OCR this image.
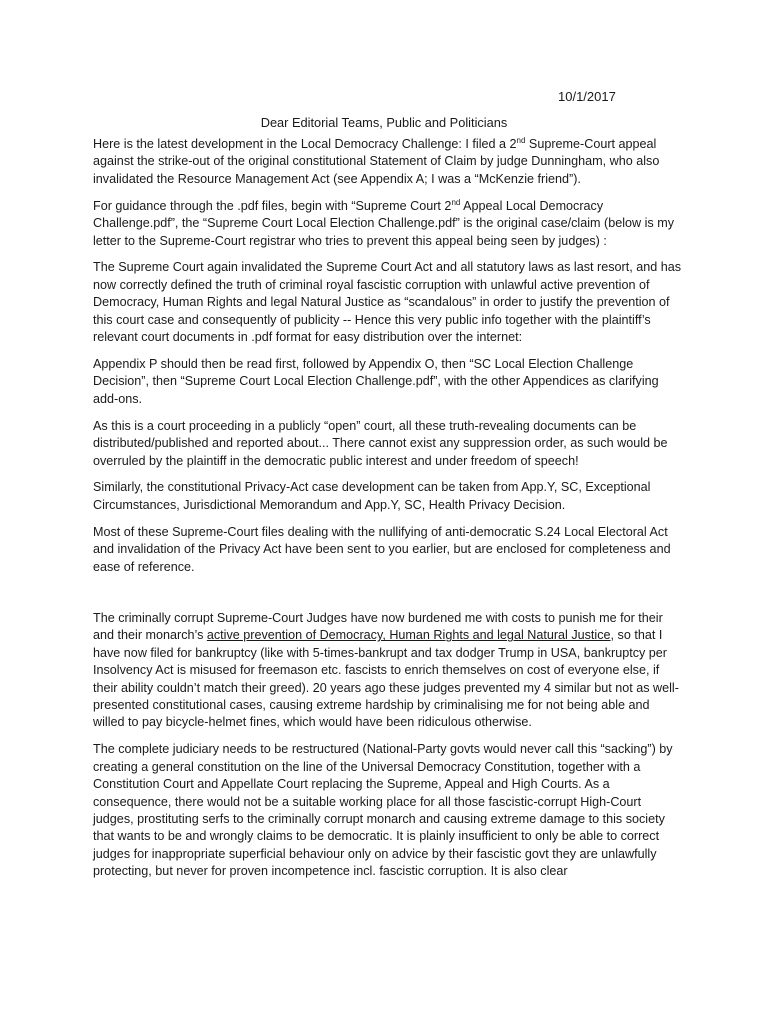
10/1/2017
Dear Editorial Teams, Public and Politicians

Here is the latest development in the Local Democracy Challenge: I filed a 2nd Supreme-Court appeal against the strike-out of the original constitutional Statement of Claim by judge Dunningham, who also invalidated the Resource Management Act (see Appendix A; I was a “McKenzie friend”).

For guidance through the .pdf files, begin with “Supreme Court 2nd Appeal Local Democracy Challenge.pdf”, the “Supreme Court Local Election Challenge.pdf” is the original case/claim (below is my letter to the Supreme-Court registrar who tries to prevent this appeal being seen by judges) :

The Supreme Court again invalidated the Supreme Court Act and all statutory laws as last resort, and has now correctly defined the truth of criminal royal fascistic corruption with unlawful active prevention of Democracy, Human Rights and legal Natural Justice as “scandalous” in order to justify the prevention of this court case and consequently of publicity -- Hence this very public info together with the plaintiff’s relevant court documents in .pdf format for easy distribution over the internet:

Appendix P should then be read first, followed by Appendix O, then “SC Local Election Challenge Decision”, then “Supreme Court Local Election Challenge.pdf”, with the other Appendices as clarifying add-ons.

As this is a court proceeding in a publicly “open” court, all these truth-revealing documents can be distributed/published and reported about... There cannot exist any suppression order, as such would be overruled by the plaintiff in the democratic public interest and under freedom of speech!

Similarly, the constitutional Privacy-Act case development can be taken from App.Y, SC, Exceptional Circumstances, Jurisdictional Memorandum and App.Y, SC, Health Privacy Decision.

Most of these Supreme-Court files dealing with the nullifying of anti-democratic S.24 Local Electoral Act and invalidation of the Privacy Act have been sent to you earlier, but are enclosed for completeness and ease of reference.

The criminally corrupt Supreme-Court Judges have now burdened me with costs to punish me for their and their monarch’s active prevention of Democracy, Human Rights and legal Natural Justice, so that I have now filed for bankruptcy (like with 5-times-bankrupt and tax dodger Trump in USA, bankruptcy per Insolvency Act is misused for freemason etc. fascists to enrich themselves on cost of everyone else, if their ability couldn’t match their greed). 20 years ago these judges prevented my 4 similar but not as well-presented constitutional cases, causing extreme hardship by criminalising me for not being able and willed to pay bicycle-helmet fines, which would have been ridiculous otherwise.

The complete judiciary needs to be restructured (National-Party govts would never call this “sacking”) by creating a general constitution on the line of the Universal Democracy Constitution, together with a Constitution Court and Appellate Court replacing the Supreme, Appeal and High Courts. As a consequence, there would not be a suitable working place for all those fascistic-corrupt High-Court judges, prostituting serfs to the criminally corrupt monarch and causing extreme damage to this society that wants to be and wrongly claims to be democratic. It is plainly insufficient to only be able to correct judges for inappropriate superficial behaviour only on advice by their fascistic govt they are unlawfully protecting, but never for proven incompetence incl. fascistic corruption. It is also clear
